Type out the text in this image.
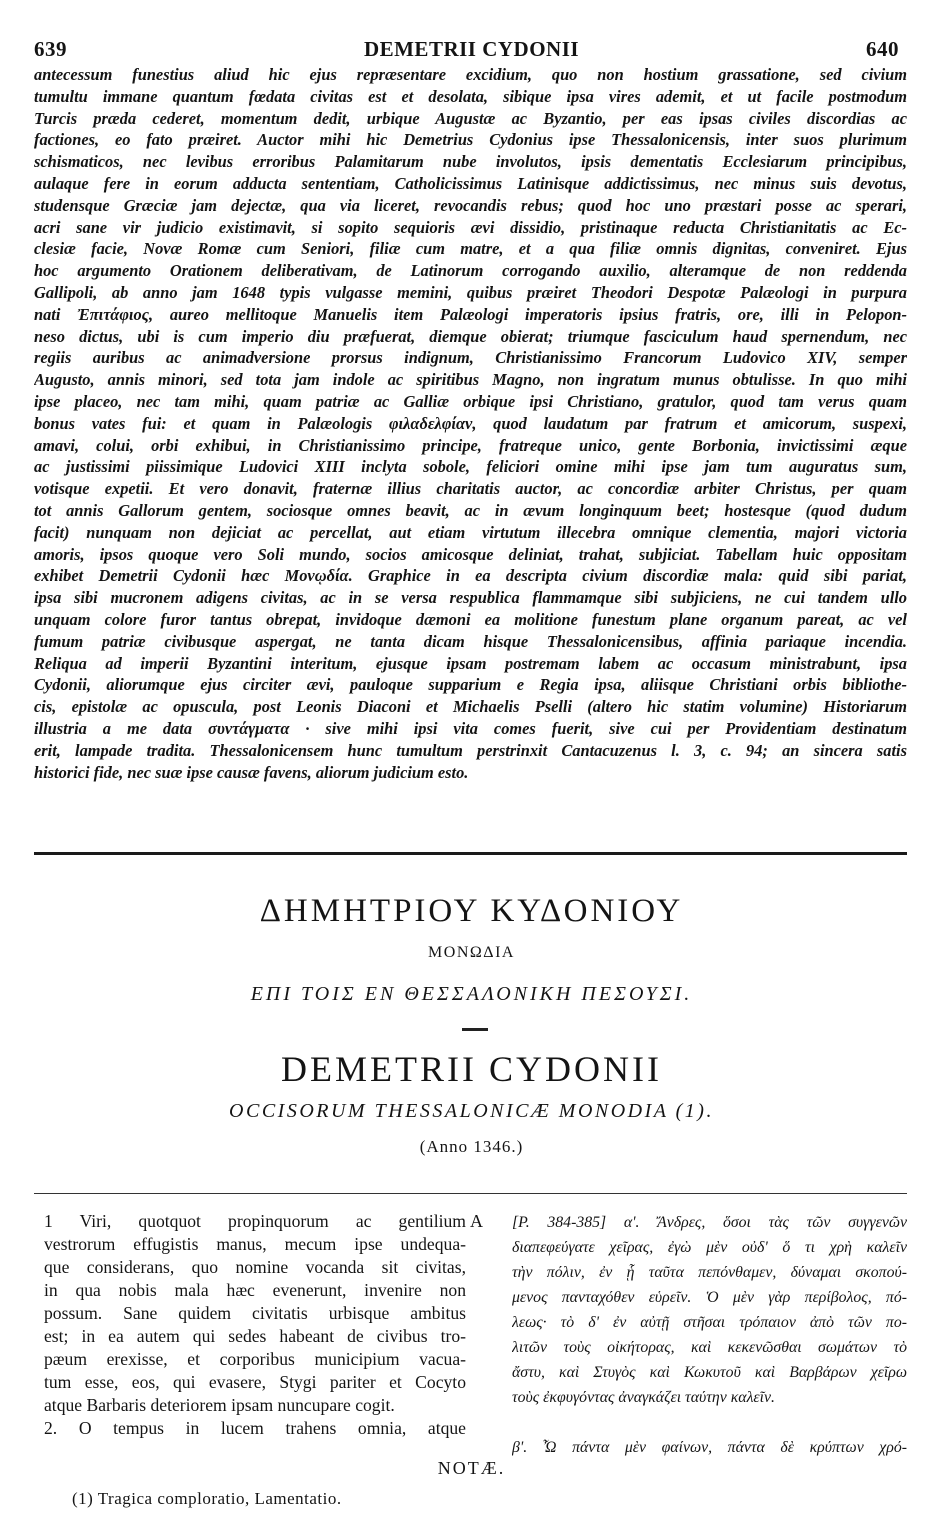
639	DEMETRII CYDONII	640
antecessum funestius aliud hic ejus repræsentare excidium, quo non hostium grassatione, sed civium
tumultu immane quantum fœdata civitas est et desolata, sibique ipsa vires ademit, et ut facile postmodum
Turcis præda cederet, momentum dedit, urbique Augustæ ac Byzantio, per eas ipsas civiles discordias ac
factiones, eo fato præiret. Auctor mihi hic Demetrius Cydonius ipse Thessalonicensis, inter suos plurimum
schismaticos, nec levibus erroribus Palamitarum nube involutos, ipsis dementatis Ecclesiarum principibus,
aulaque fere in eorum adducta sententiam, Catholicissimus Latinisque addictissimus, nec minus suis devotus,
studensque Græciæ jam dejectæ, qua via liceret, revocandis rebus; quod hoc uno præstari posse ac sperari,
acri sane vir judicio existimavit, si sopito sequioris ævi dissidio, pristinaque reducta Christianitatis ac Ec-
clesiæ facie, Novæ Romæ cum Seniori, filiæ cum matre, et a qua filiæ omnis dignitas, conveniret. Ejus
hoc argumento Orationem deliberativam, de Latinorum corrogando auxilio, alteramque de non reddenda
Gallipoli, ab anno jam 1648 typis vulgasse memini, quibus præiret Theodori Despotæ Palæologi in purpura
nati Ἐπιτάφιος, aureo mellitoque Manuelis item Palæologi imperatoris ipsius fratris, ore, illi in Pelopon-
neso dictus, ubi is cum imperio diu præfuerat, diemque obierat; triumque fasciculum haud spernendum, nec
regiis auribus ac animadversione prorsus indignum, Christianissimo Francorum Ludovico XIV, semper
Augusto, annis minori, sed tota jam indole ac spiritibus Magno, non ingratum munus obtulisse. In quo mihi
ipse placeo, nec tam mihi, quam patriæ ac Galliæ orbique ipsi Christiano, gratulor, quod tam verus quam
bonus vates fui: et quam in Palæologis φιλαδελφίαν, quod laudatum par fratrum et amicorum, suspexi,
amavi, colui, orbi exhibui, in Christianissimo principe, fratreque unico, gente Borbonia, invictissimi æque
ac justissimi piissimique Ludovici XIII inclyta sobole, feliciori omine mihi ipse jam tum auguratus sum,
votisque expetii. Et vero donavit, fraternæ illius charitatis auctor, ac concordiæ arbiter Christus, per quam
tot annis Gallorum gentem, sociosque omnes beavit, ac in ævum longinquum beet; hostesque (quod dudum
facit) nunquam non dejiciat ac percellat, aut etiam virtutum illecebra omnique clementia, majori victoria
amoris, ipsos quoque vero Soli mundo, socios amicosque deliniat, trahat, subjiciat. Tabellam huic oppositam
exhibet Demetrii Cydonii hæc Μονῳδία. Graphice in ea descripta civium discordiæ mala: quid sibi pariat,
ipsa sibi mucronem adigens civitas, ac in se versa respublica flammamque sibi subjiciens, ne cui tandem ullo
unquam colore furor tantus obrepat, invidoque dæmoni ea molitione funestum plane organum pareat, ac vel
fumum patriæ civibusque aspergat, ne tanta dicam hisque Thessalonicensibus, affinia pariaque incendia.
Reliqua ad imperii Byzantini interitum, ejusque ipsam postremam labem ac occasum ministrabunt, ipsa
Cydonii, aliorumque ejus circiter ævi, pauloque supparium e Regia ipsa, aliisque Christiani orbis bibliothe-
cis, epistolæ ac opuscula, post Leonis Diaconi et Michaelis Pselli (altero hic statim volumine) Historiarum
illustria a me data συντάγματα · sive mihi ipsi vita comes fuerit, sive cui per Providentiam destinatum
erit, lampade tradita. Thessalonicensem hunc tumultum perstrinxit Cantacuzenus l. 3, c. 94; an sincera satis
historici fide, nec suæ ipse causæ favens, aliorum judicium esto.
ΔΗΜΗΤΡΙΟΥ ΚΥΔΟΝΙΟΥ
ΜΟΝΩΔΙΑ
ΕΠΙ ΤΟΙΣ ΕΝ ΘΕΣΣΑΛΟΝΙΚΗ ΠΕΣΟΥΣΙ.
DEMETRII CYDONII
OCCISORUM THESSALONICÆ MONODIA (1).
(Anno 1346.)
1 Viri, quotquot propinquorum ac gentilium
vestrorum effugistis manus, mecum ipse undequa-
que considerans, quo nomine vocanda sit civitas,
in qua nobis mala hæc evenerunt, invenire non
possum. Sane quidem civitatis urbisque ambitus
est; in ea autem qui sedes habeant de civibus tro-
pæum erexisse, et corporibus municipium vacua-
tum esse, eos, qui evasere, Stygi pariter et Cocyto
atque Barbaris deteriorem ipsam nuncupare cogit.
2. O tempus in lucem trahens omnia, atque
A [P. 384-385] α'. Ἄνδρες, ὅσοι τὰς τῶν συγγενῶν
διαπεφεύγατε χεῖρας, ἐγὼ μὲν οὐδ' ὅ τι χρὴ καλεῖν
τὴν πόλιν, ἐν ᾗ ταῦτα πεπόνθαμεν, δύναμαι σκοπού-
μενος πανταχόθεν εὑρεῖν. Ὁ μὲν γὰρ περίβολος, πό-
λεως· τὸ δ' ἐν αὐτῇ στῆσαι τρόπαιον ἀπὸ τῶν πο-
λιτῶν τοὺς οἰκήτορας, καὶ κεκενῶσθαι σωμάτων τὸ
ἄστυ, καὶ Στυγὸς καὶ Κωκυτοῦ καὶ Βαρβάρων χεῖρω
τοὺς ἐκφυγόντας ἀναγκάζει ταύτην καλεῖν.
β'. Ὦ πάντα μὲν φαίνων, πάντα δὲ κρύπτων χρό-
NOTÆ.
(1) Tragica comploratio, Lamentatio.
